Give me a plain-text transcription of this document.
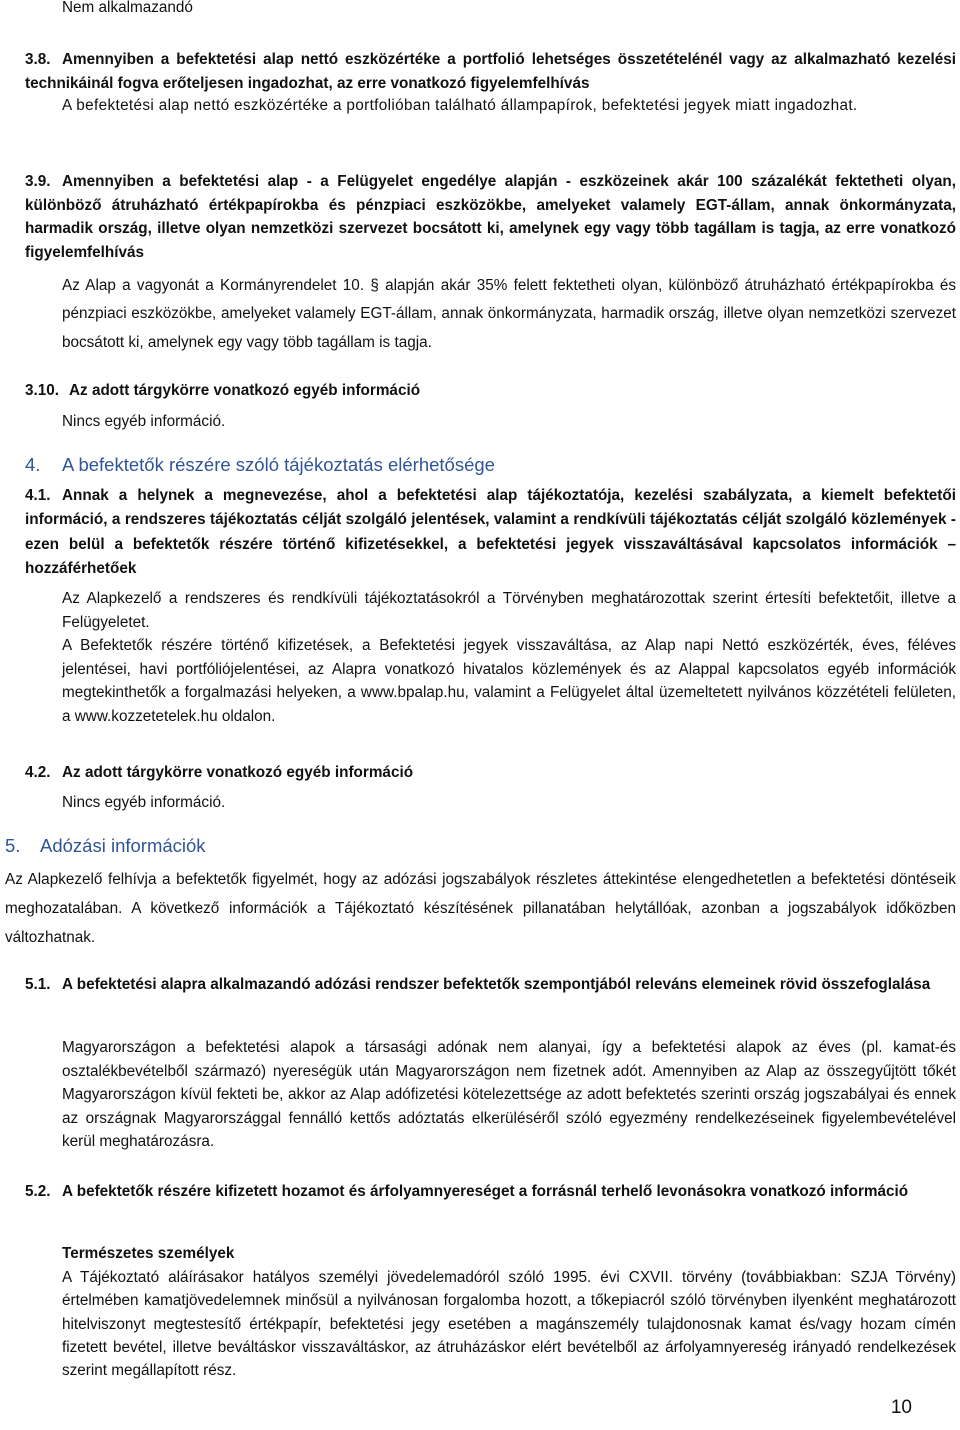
Nem alkalmazandó

3.8. Amennyiben a befektetési alap nettó eszközértéke a portfolió lehetséges összetételénél vagy az alkalmazható kezelési technikáinál fogva erőteljesen ingadozhat, az erre vonatkozó figyelemfelhívás

A befektetési alap nettó eszközértéke a portfolióban található állampapírok, befektetési jegyek miatt ingadozhat.

3.9. Amennyiben a befektetési alap - a Felügyelet engedélye alapján - eszközeinek akár 100 százalékát fektetheti olyan, különböző átruházható értékpapírokba és pénzpiaci eszközökbe, amelyeket valamely EGT-állam, annak önkormányzata, harmadik ország, illetve olyan nemzetközi szervezet bocsátott ki, amelynek egy vagy több tagállam is tagja, az erre vonatkozó figyelemfelhívás

Az Alap a vagyonát a Kormányrendelet 10. § alapján akár 35% felett fektetheti olyan, különböző átruházható értékpapírokba és pénzpiaci eszközökbe, amelyeket valamely EGT-állam, annak önkormányzata, harmadik ország, illetve olyan nemzetközi szervezet bocsátott ki, amelynek egy vagy több tagállam is tagja.

3.10. Az adott tárgykörre vonatkozó egyéb információ

Nincs egyéb információ.

4. A befektetők részére szóló tájékoztatás elérhetősége

4.1. Annak a helynek a megnevezése, ahol a befektetési alap tájékoztatója, kezelési szabályzata, a kiemelt befektetői információ, a rendszeres tájékoztatás célját szolgáló jelentések, valamint a rendkívüli tájékoztatás célját szolgáló közlemények - ezen belül a befektetők részére történő kifizetésekkel, a befektetési jegyek visszaváltásával kapcsolatos információk – hozzáférhetőek

Az Alapkezelő a rendszeres és rendkívüli tájékoztatásokról a Törvényben meghatározottak szerint értesíti befektetőit, illetve a Felügyeletet.

A Befektetők részére történő kifizetések, a Befektetési jegyek visszaváltása, az Alap napi Nettó eszközérték, éves, féléves jelentései, havi portfóliójelentései, az Alapra vonatkozó hivatalos közlemények és az Alappal kapcsolatos egyéb információk megtekinthetők a forgalmazási helyeken, a www.bpalap.hu, valamint a Felügyelet által üzemeltetett nyilvános közzétételi felületen, a www.kozzetetelek.hu oldalon.

4.2. Az adott tárgykörre vonatkozó egyéb információ

Nincs egyéb információ.

5. Adózási információk

Az Alapkezelő felhívja a befektetők figyelmét, hogy az adózási jogszabályok részletes áttekintése elengedhetetlen a befektetési döntéseik meghozatalában. A következő információk a Tájékoztató készítésének pillanatában helytállóak, azonban a jogszabályok időközben változhatnak.

5.1. A befektetési alapra alkalmazandó adózási rendszer befektetők szempontjából releváns elemeinek rövid összefoglalása

Magyarországon a befektetési alapok a társasági adónak nem alanyai, így a befektetési alapok az éves (pl. kamat-és osztalékbevételből származó) nyereségük után Magyarországon nem fizetnek adót. Amennyiben az Alap az összegyűjtött tőkét Magyarországon kívül fekteti be, akkor az Alap adófizetési kötelezettsége az adott befektetés szerinti ország jogszabályai és ennek az országnak Magyarországgal fennálló kettős adóztatás elkerüléséről szóló egyezmény rendelkezéseinek figyelembevételével kerül meghatározásra.

5.2. A befektetők részére kifizetett hozamot és árfolyamnyereséget a forrásnál terhelő levonásokra vonatkozó információ

Természetes személyek

A Tájékoztató aláírásakor hatályos személyi jövedelemadóról szóló 1995. évi CXVII. törvény (továbbiakban: SZJA Törvény) értelmében kamatjövedelemnek minősül a nyilvánosan forgalomba hozott, a tőkepiacról szóló törvényben ilyenként meghatározott hitelviszonyt megtestesítő értékpapír, befektetési jegy esetében a magánszemély tulajdonosnak kamat és/vagy hozam címén fizetett bevétel, illetve beváltáskor visszaváltáskor, az átruházáskor elért bevételből az árfolyamnyereség irányadó rendelkezések szerint megállapított rész.

10
